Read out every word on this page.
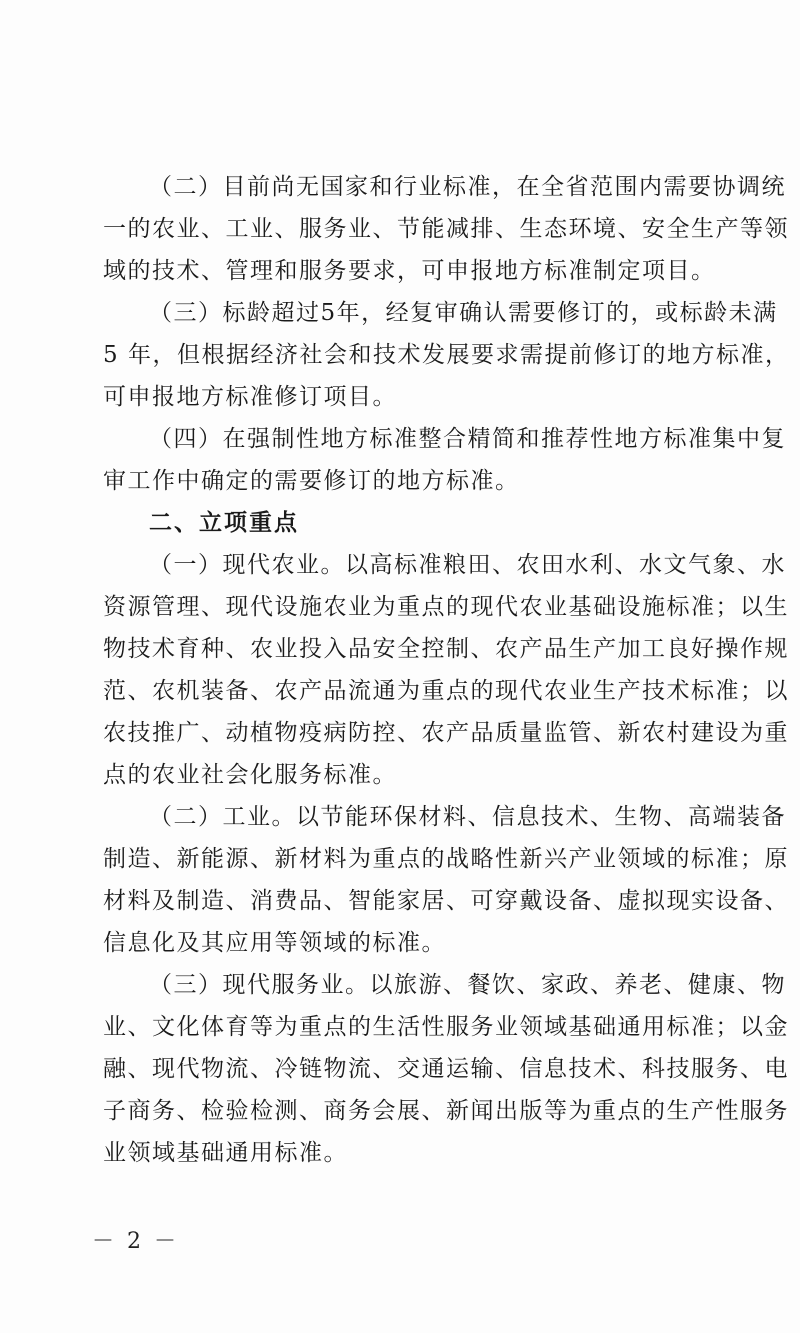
（二）目前尚无国家和行业标准，在全省范围内需要协调统
一的农业、工业、服务业、节能减排、生态环境、安全生产等领
域的技术、管理和服务要求，可申报地方标准制定项目。
（三）标龄超过5年，经复审确认需要修订的，或标龄未满
5 年，但根据经济社会和技术发展要求需提前修订的地方标准，
可申报地方标准修订项目。
（四）在强制性地方标准整合精简和推荐性地方标准集中复
审工作中确定的需要修订的地方标准。
二、立项重点
（一）现代农业。以高标准粮田、农田水利、水文气象、水
资源管理、现代设施农业为重点的现代农业基础设施标准；以生
物技术育种、农业投入品安全控制、农产品生产加工良好操作规
范、农机装备、农产品流通为重点的现代农业生产技术标准；以
农技推广、动植物疫病防控、农产品质量监管、新农村建设为重
点的农业社会化服务标准。
（二）工业。以节能环保材料、信息技术、生物、高端装备
制造、新能源、新材料为重点的战略性新兴产业领域的标准；原
材料及制造、消费品、智能家居、可穿戴设备、虚拟现实设备、
信息化及其应用等领域的标准。
（三）现代服务业。以旅游、餐饮、家政、养老、健康、物
业、文化体育等为重点的生活性服务业领域基础通用标准；以金
融、现代物流、冷链物流、交通运输、信息技术、科技服务、电
子商务、检验检测、商务会展、新闻出版等为重点的生产性服务
业领域基础通用标准。
－ 2 －
